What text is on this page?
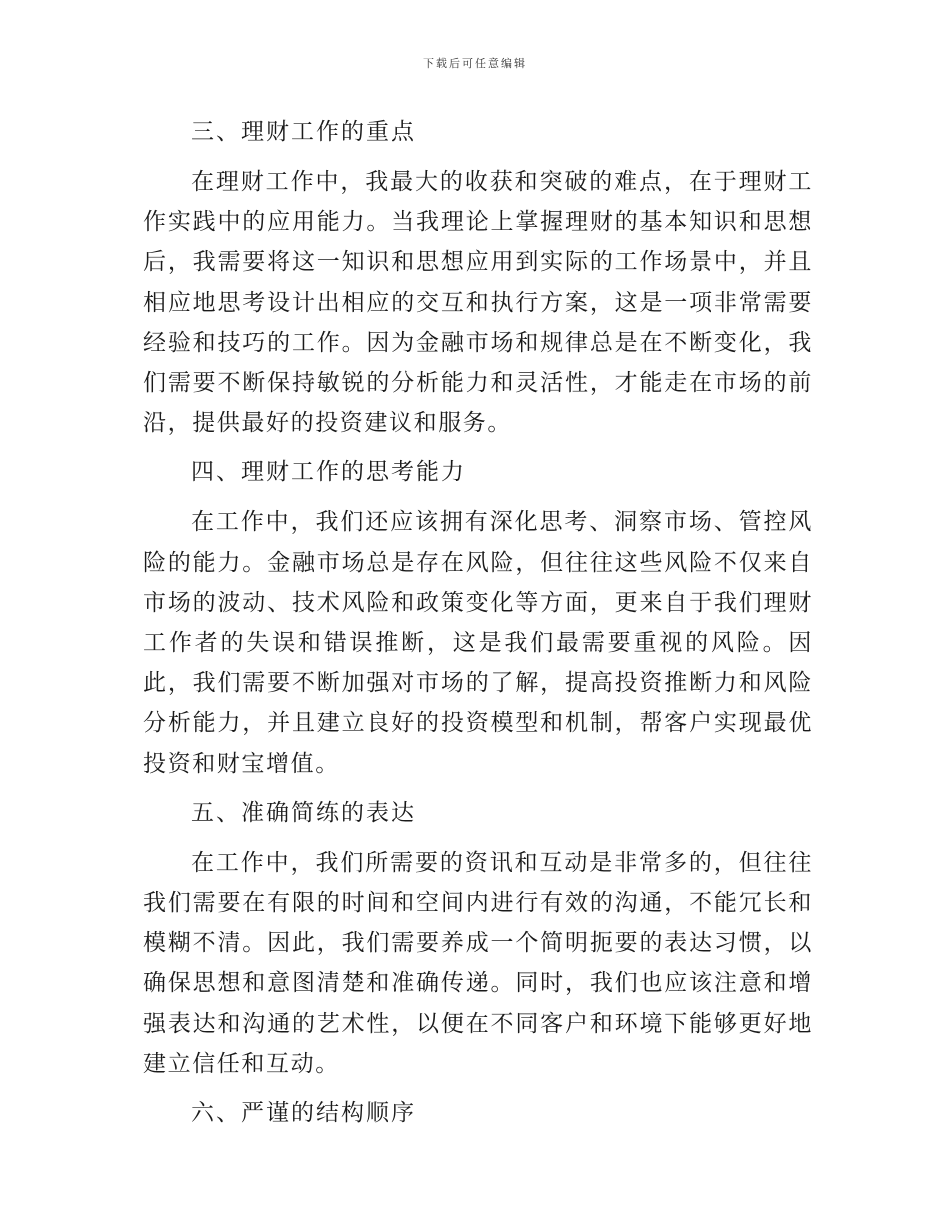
下载后可任意编辑
三、理财工作的重点
在理财工作中，我最大的收获和突破的难点，在于理财工作实践中的应用能力。当我理论上掌握理财的基本知识和思想后，我需要将这一知识和思想应用到实际的工作场景中，并且相应地思考设计出相应的交互和执行方案，这是一项非常需要经验和技巧的工作。因为金融市场和规律总是在不断变化，我们需要不断保持敏锐的分析能力和灵活性，才能走在市场的前沿，提供最好的投资建议和服务。
四、理财工作的思考能力
在工作中，我们还应该拥有深化思考、洞察市场、管控风险的能力。金融市场总是存在风险，但往往这些风险不仅来自市场的波动、技术风险和政策变化等方面，更来自于我们理财工作者的失误和错误推断，这是我们最需要重视的风险。因此，我们需要不断加强对市场的了解，提高投资推断力和风险分析能力，并且建立良好的投资模型和机制，帮客户实现最优投资和财宝增值。
五、准确简练的表达
在工作中，我们所需要的资讯和互动是非常多的，但往往我们需要在有限的时间和空间内进行有效的沟通，不能冗长和模糊不清。因此，我们需要养成一个简明扼要的表达习惯，以确保思想和意图清楚和准确传递。同时，我们也应该注意和增强表达和沟通的艺术性，以便在不同客户和环境下能够更好地建立信任和互动。
六、严谨的结构顺序
